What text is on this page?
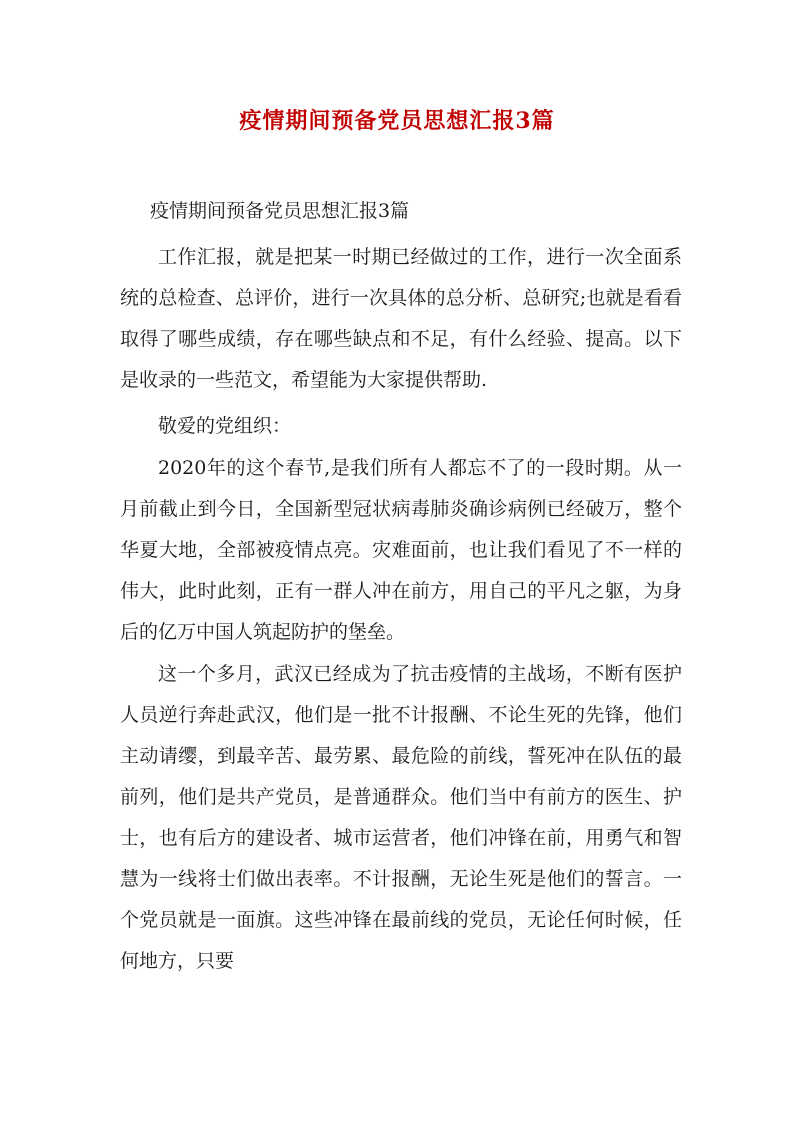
疫情期间预备党员思想汇报3篇

疫情期间预备党员思想汇报3篇

工作汇报，就是把某一时期已经做过的工作，进行一次全面系统的总检查、总评价，进行一次具体的总分析、总研究;也就是看看取得了哪些成绩，存在哪些缺点和不足，有什么经验、提高。以下是收录的一些范文，希望能为大家提供帮助.

敬爱的党组织：

2020年的这个春节,是我们所有人都忘不了的一段时期。从一月前截止到今日，全国新型冠状病毒肺炎确诊病例已经破万，整个华夏大地，全部被疫情点亮。灾难面前，也让我们看见了不一样的伟大，此时此刻，正有一群人冲在前方，用自己的平凡之躯，为身后的亿万中国人筑起防护的堡垒。

这一个多月，武汉已经成为了抗击疫情的主战场，不断有医护人员逆行奔赴武汉，他们是一批不计报酬、不论生死的先锋，他们主动请缨，到最辛苦、最劳累、最危险的前线，誓死冲在队伍的最前列，他们是共产党员，是普通群众。他们当中有前方的医生、护士，也有后方的建设者、城市运营者，他们冲锋在前，用勇气和智慧为一线将士们做出表率。不计报酬，无论生死是他们的誓言。一个党员就是一面旗。这些冲锋在最前线的党员，无论任何时候，任何地方，只要
